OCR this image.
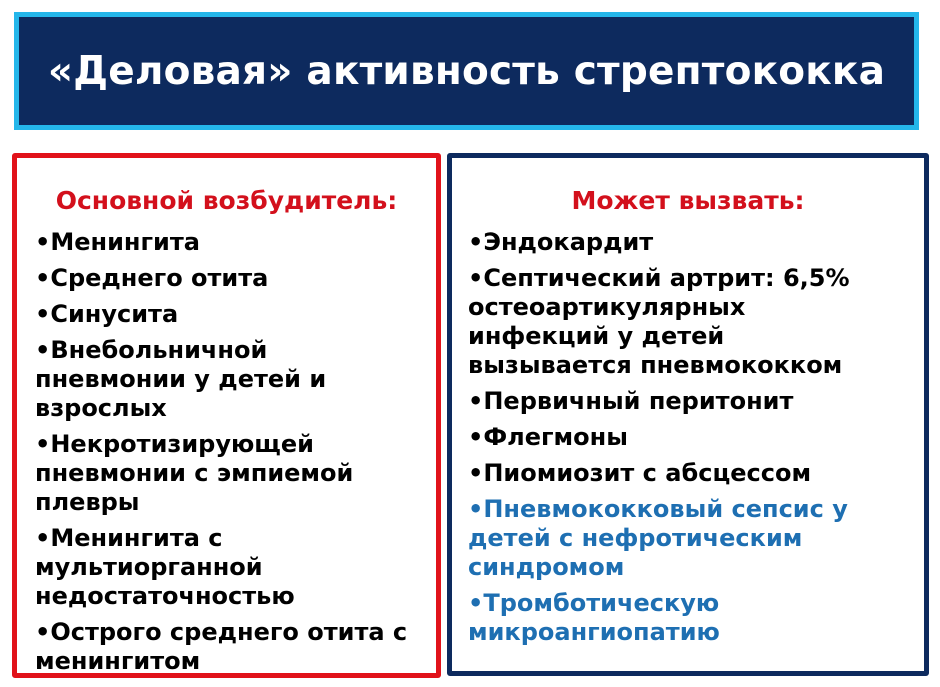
«Деловая» активность стрептококка
Основной возбудитель:
•Менингита
•Среднего отита
•Синусита
•Внебольничной
пневмонии у детей и
взрослых
•Некротизирующей
пневмонии с эмпиемой
плевры
•Менингита с
мультиорганной
недостаточностью
•Острого среднего отита с
менингитом
Может вызвать:
•Эндокардит
•Септический артрит: 6,5%
остеоартикулярных
инфекций у детей
вызывается пневмококком
•Первичный перитонит
•Флегмоны
•Пиомиозит с абсцессом
•Пневмококковый сепсис у
детей с нефротическим
синдромом
•Тромботическую
микроангиопатию
